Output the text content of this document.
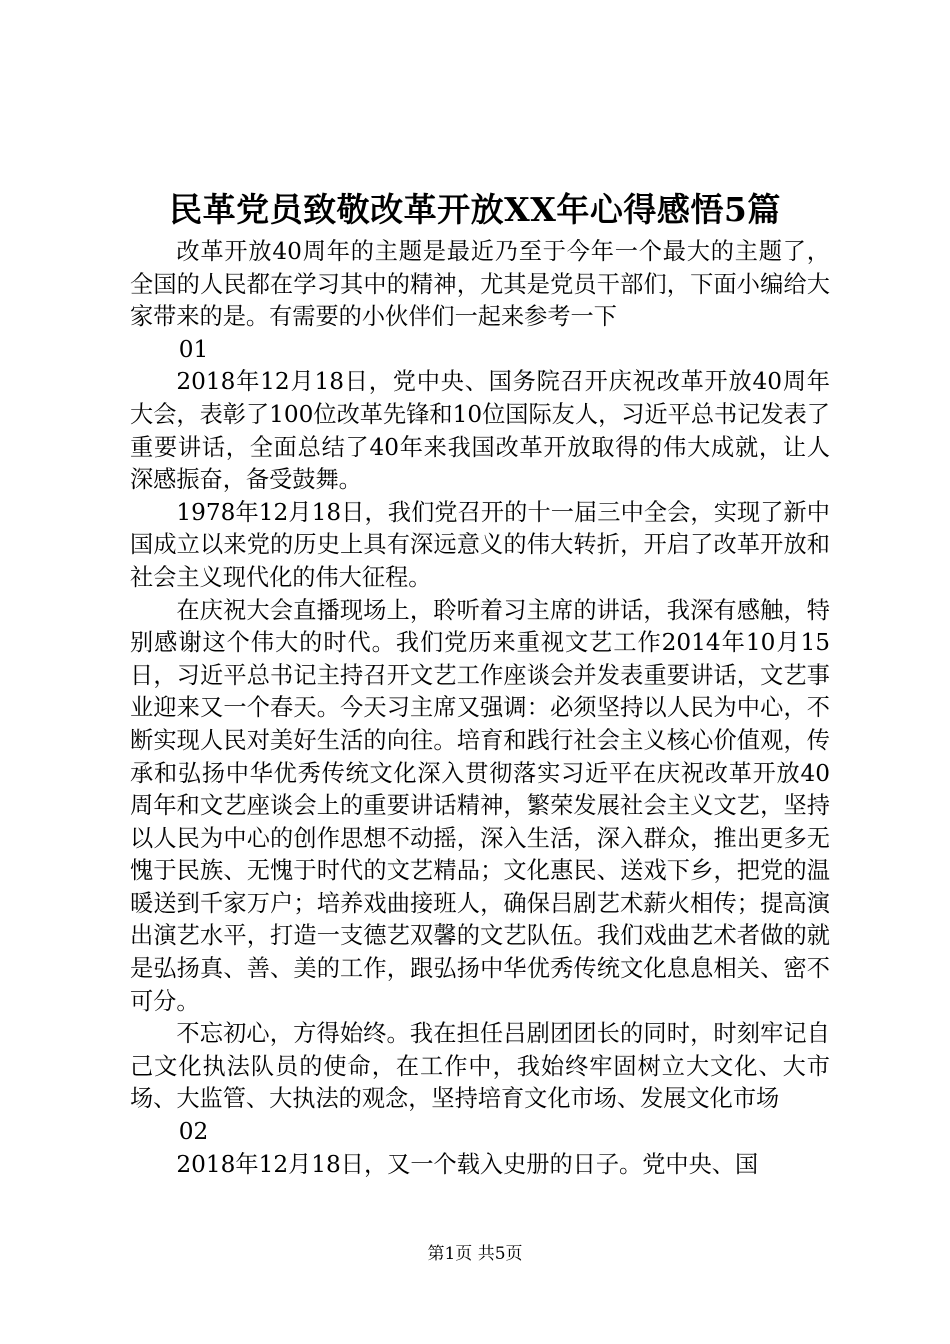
民革党员致敬改革开放XX年心得感悟5篇

改革开放40周年的主题是最近乃至于今年一个最大的主题了，全国的人民都在学习其中的精神，尤其是党员干部们，下面小编给大家带来的是。有需要的小伙伴们一起来参考一下

01

2018年12月18日，党中央、国务院召开庆祝改革开放40周年大会，表彰了100位改革先锋和10位国际友人，习近平总书记发表了重要讲话，全面总结了40年来我国改革开放取得的伟大成就，让人深感振奋，备受鼓舞。

1978年12月18日，我们党召开的十一届三中全会，实现了新中国成立以来党的历史上具有深远意义的伟大转折，开启了改革开放和社会主义现代化的伟大征程。

在庆祝大会直播现场上，聆听着习主席的讲话，我深有感触，特别感谢这个伟大的时代。我们党历来重视文艺工作2014年10月15日，习近平总书记主持召开文艺工作座谈会并发表重要讲话，文艺事业迎来又一个春天。今天习主席又强调：必须坚持以人民为中心，不断实现人民对美好生活的向往。培育和践行社会主义核心价值观，传承和弘扬中华优秀传统文化深入贯彻落实习近平在庆祝改革开放40周年和文艺座谈会上的重要讲话精神，繁荣发展社会主义文艺，坚持以人民为中心的创作思想不动摇，深入生活，深入群众，推出更多无愧于民族、无愧于时代的文艺精品；文化惠民、送戏下乡，把党的温暖送到千家万户；培养戏曲接班人，确保吕剧艺术薪火相传；提高演出演艺水平，打造一支德艺双馨的文艺队伍。我们戏曲艺术者做的就是弘扬真、善、美的工作，跟弘扬中华优秀传统文化息息相关、密不可分。

不忘初心，方得始终。我在担任吕剧团团长的同时，时刻牢记自己文化执法队员的使命，在工作中，我始终牢固树立大文化、大市场、大监管、大执法的观念，坚持培育文化市场、发展文化市场

02

2018年12月18日，又一个载入史册的日子。党中央、国

第1页 共5页
